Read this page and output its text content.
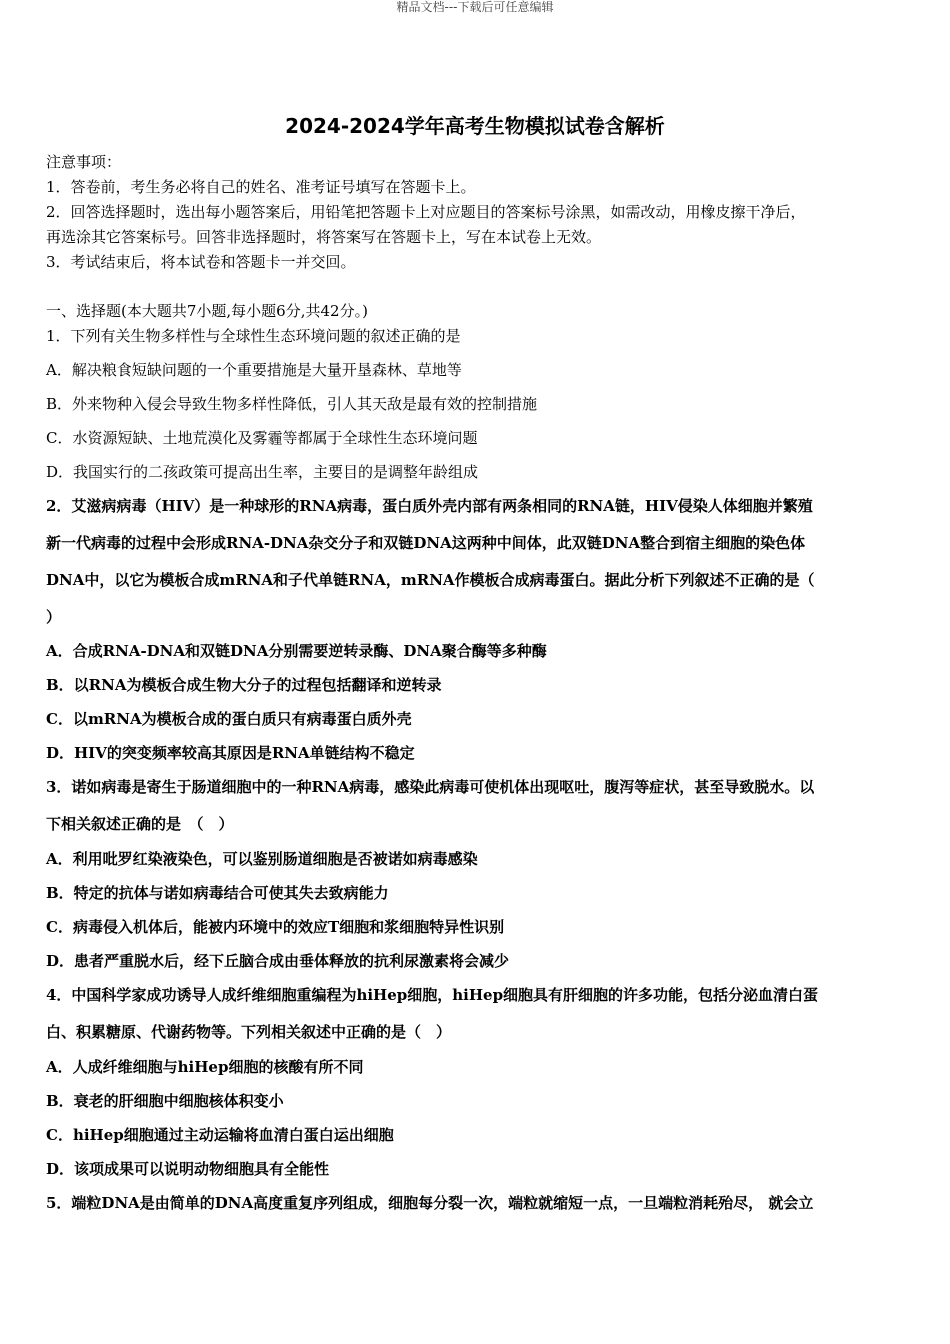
精品文档---下载后可任意编辑
2024-2024学年高考生物模拟试卷含解析
注意事项：
1．答卷前，考生务必将自己的姓名、准考证号填写在答题卡上。
2．回答选择题时，选出每小题答案后，用铅笔把答题卡上对应题目的答案标号涂黑，如需改动，用橡皮擦干净后，
再选涂其它答案标号。回答非选择题时，将答案写在答题卡上，写在本试卷上无效。
3．考试结束后，将本试卷和答题卡一并交回。
一、选择题(本大题共7小题,每小题6分,共42分。)
1．下列有关生物多样性与全球性生态环境问题的叙述正确的是
A．解决粮食短缺问题的一个重要措施是大量开垦森林、草地等
B．外来物种入侵会导致生物多样性降低，引人其天敌是最有效的控制措施
C．水资源短缺、土地荒漠化及雾霾等都属于全球性生态环境问题
D．我国实行的二孩政策可提高出生率，主要目的是调整年龄组成
2．艾滋病病毒（HIV）是一种球形的RNA病毒，蛋白质外壳内部有两条相同的RNA链，HIV侵染人体细胞并繁殖
新一代病毒的过程中会形成RNA-DNA杂交分子和双链DNA这两种中间体，此双链DNA整合到宿主细胞的染色体
DNA中，以它为模板合成mRNA和子代单链RNA，mRNA作模板合成病毒蛋白。据此分析下列叙述不正确的是（
）
A．合成RNA-DNA和双链DNA分别需要逆转录酶、DNA聚合酶等多种酶
B．以RNA为模板合成生物大分子的过程包括翻译和逆转录
C．以mRNA为模板合成的蛋白质只有病毒蛋白质外壳
D．HIV的突变频率较高其原因是RNA单链结构不稳定
3．诺如病毒是寄生于肠道细胞中的一种RNA病毒，感染此病毒可使机体出现呕吐，腹泻等症状，甚至导致脱水。以
下相关叙述正确的是　（　）
A．利用吡罗红染液染色，可以鉴别肠道细胞是否被诺如病毒感染
B．特定的抗体与诺如病毒结合可使其失去致病能力
C．病毒侵入机体后，能被内环境中的效应T细胞和浆细胞特异性识别
D．患者严重脱水后，经下丘脑合成由垂体释放的抗利尿激素将会减少
4．中国科学家成功诱导人成纤维细胞重编程为hiHep细胞，hiHep细胞具有肝细胞的许多功能，包括分泌血清白蛋
白、积累糖原、代谢药物等。下列相关叙述中正确的是（　）
A．人成纤维细胞与hiHep细胞的核酸有所不同
B．衰老的肝细胞中细胞核体积变小
C．hiHep细胞通过主动运输将血清白蛋白运出细胞
D．该项成果可以说明动物细胞具有全能性
5．端粒DNA是由简单的DNA高度重复序列组成，细胞每分裂一次，端粒就缩短一点，一旦端粒消耗殆尽， 就会立
